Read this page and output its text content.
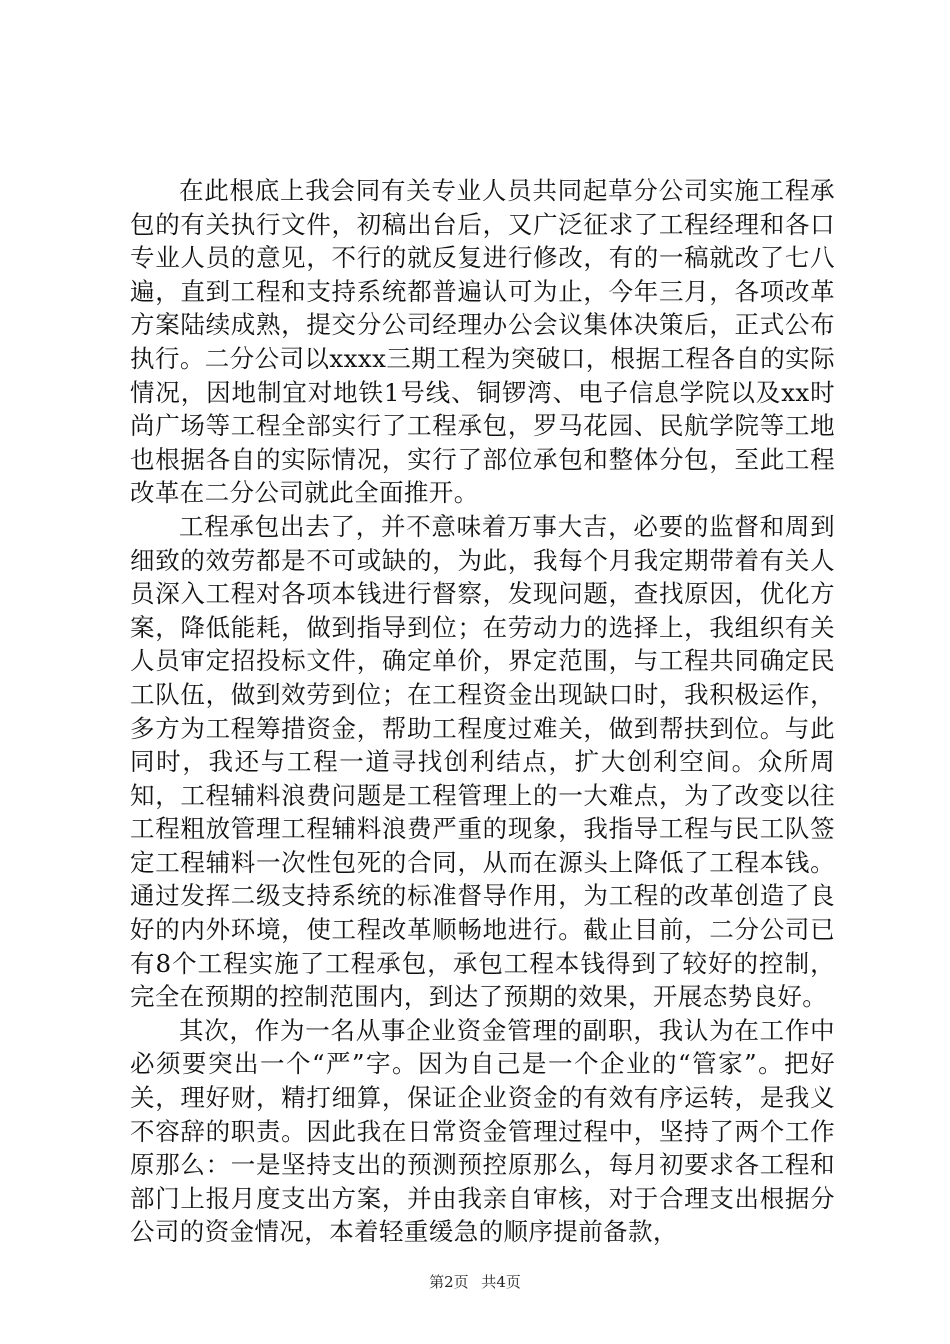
在此根底上我会同有关专业人员共同起草分公司实施工程承包的有关执行文件，初稿出台后，又广泛征求了工程经理和各口专业人员的意见，不行的就反复进行修改，有的一稿就改了七八遍，直到工程和支持系统都普遍认可为止，今年三月，各项改革方案陆续成熟，提交分公司经理办公会议集体决策后，正式公布执行。二分公司以xxxx三期工程为突破口，根据工程各自的实际情况，因地制宜对地铁1号线、铜锣湾、电子信息学院以及xx时尚广场等工程全部实行了工程承包，罗马花园、民航学院等工地也根据各自的实际情况，实行了部位承包和整体分包，至此工程改革在二分公司就此全面推开。

工程承包出去了，并不意味着万事大吉，必要的监督和周到细致的效劳都是不可或缺的，为此，我每个月我定期带着有关人员深入工程对各项本钱进行督察，发现问题，查找原因，优化方案，降低能耗，做到指导到位；在劳动力的选择上，我组织有关人员审定招投标文件，确定单价，界定范围，与工程共同确定民工队伍，做到效劳到位；在工程资金出现缺口时，我积极运作，多方为工程筹措资金，帮助工程度过难关，做到帮扶到位。与此同时，我还与工程一道寻找创利结点，扩大创利空间。众所周知，工程辅料浪费问题是工程管理上的一大难点，为了改变以往工程粗放管理工程辅料浪费严重的现象，我指导工程与民工队签定工程辅料一次性包死的合同，从而在源头上降低了工程本钱。通过发挥二级支持系统的标准督导作用，为工程的改革创造了良好的内外环境，使工程改革顺畅地进行。截止目前，二分公司已有8个工程实施了工程承包，承包工程本钱得到了较好的控制，完全在预期的控制范围内，到达了预期的效果，开展态势良好。

其次，作为一名从事企业资金管理的副职，我认为在工作中必须要突出一个“严”字。因为自己是一个企业的“管家”。把好关，理好财，精打细算，保证企业资金的有效有序运转，是我义不容辞的职责。因此我在日常资金管理过程中，坚持了两个工作原那么：一是坚持支出的预测预控原那么，每月初要求各工程和部门上报月度支出方案，并由我亲自审核，对于合理支出根据分公司的资金情况，本着轻重缓急的顺序提前备款，

第2页 共4页
